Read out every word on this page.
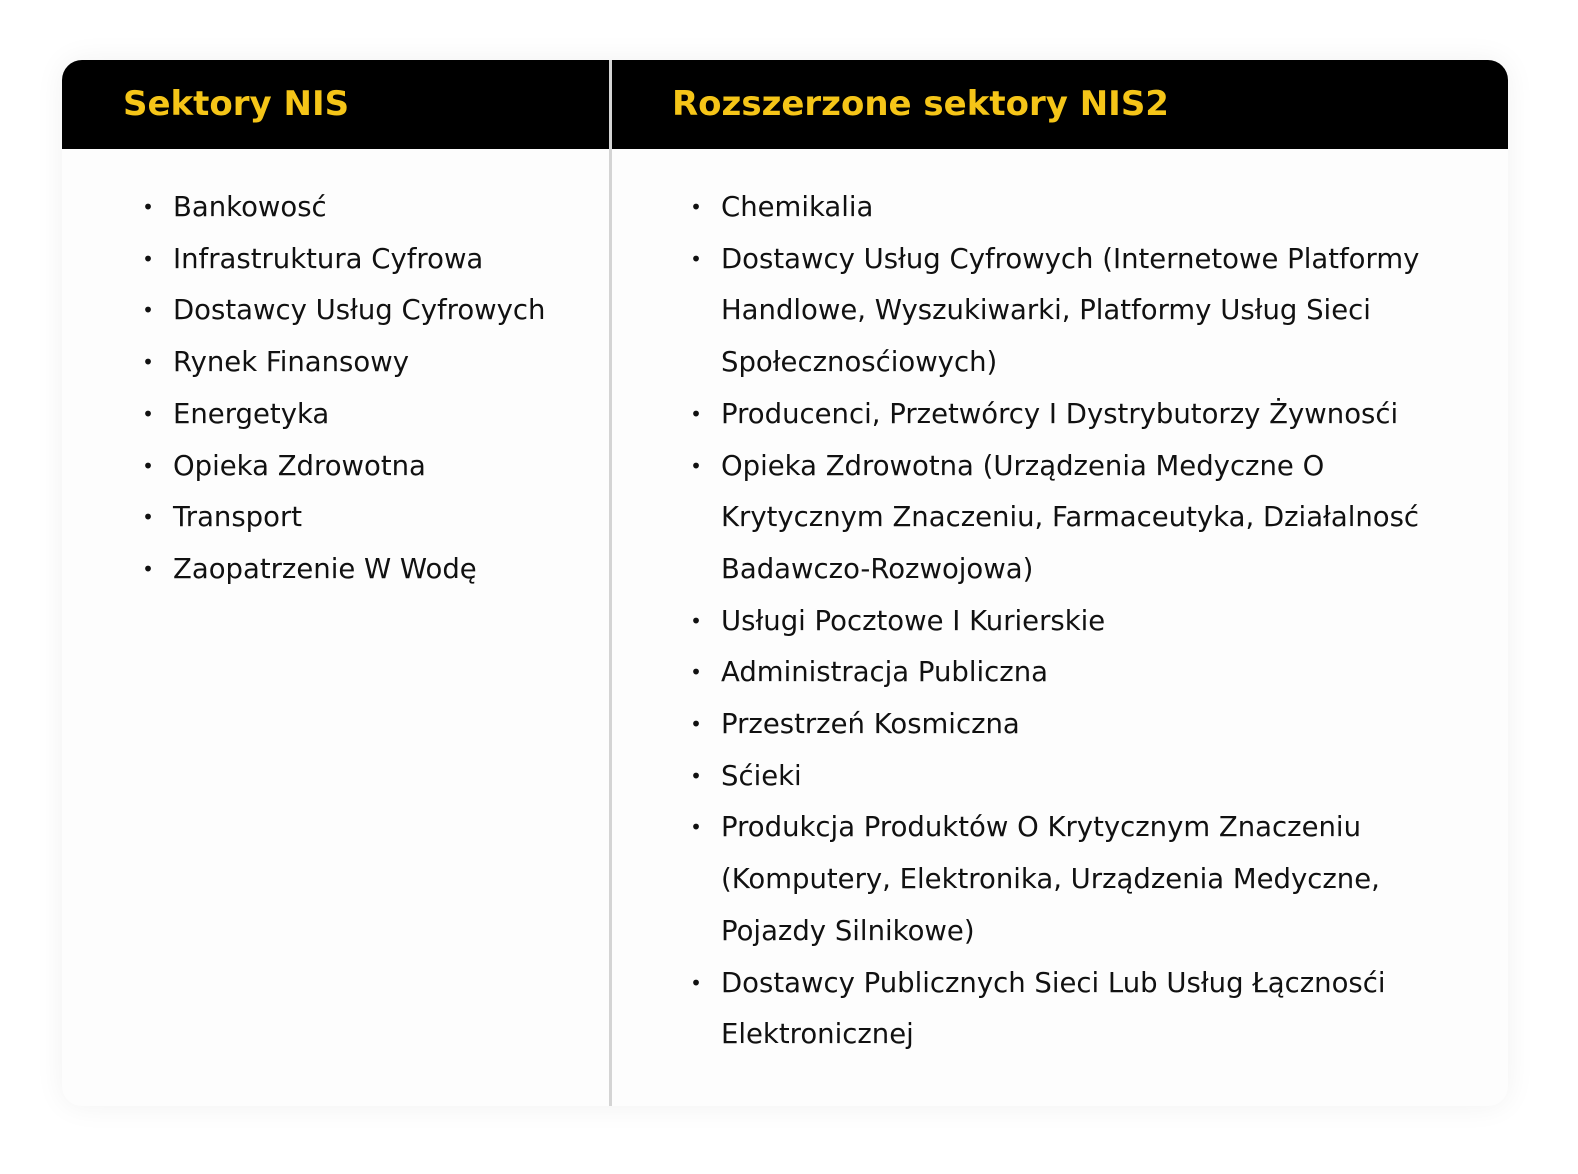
Sektory NIS	Rozszerzone sektory NIS2
• Bankowosć
• Infrastruktura Cyfrowa
• Dostawcy Usług Cyfrowych
• Rynek Finansowy
• Energetyka
• Opieka Zdrowotna
• Transport
• Zaopatrzenie W Wodę
• Chemikalia
• Dostawcy Usług Cyfrowych (Internetowe Platformy Handlowe, Wyszukiwarki, Platformy Usług Sieci Społecznosćiowych)
• Producenci, Przetwórcy I Dystrybutorzy Żywnosći
• Opieka Zdrowotna (Urządzenia Medyczne O Krytycznym Znaczeniu, Farmaceutyka, Działalnosć Badawczo-Rozwojowa)
• Usługi Pocztowe I Kurierskie
• Administracja Publiczna
• Przestrzeń Kosmiczna
• Sćieki
• Produkcja Produktów O Krytycznym Znaczeniu (Komputery, Elektronika, Urządzenia Medyczne, Pojazdy Silnikowe)
• Dostawcy Publicznych Sieci Lub Usług Łącznosći Elektronicznej
